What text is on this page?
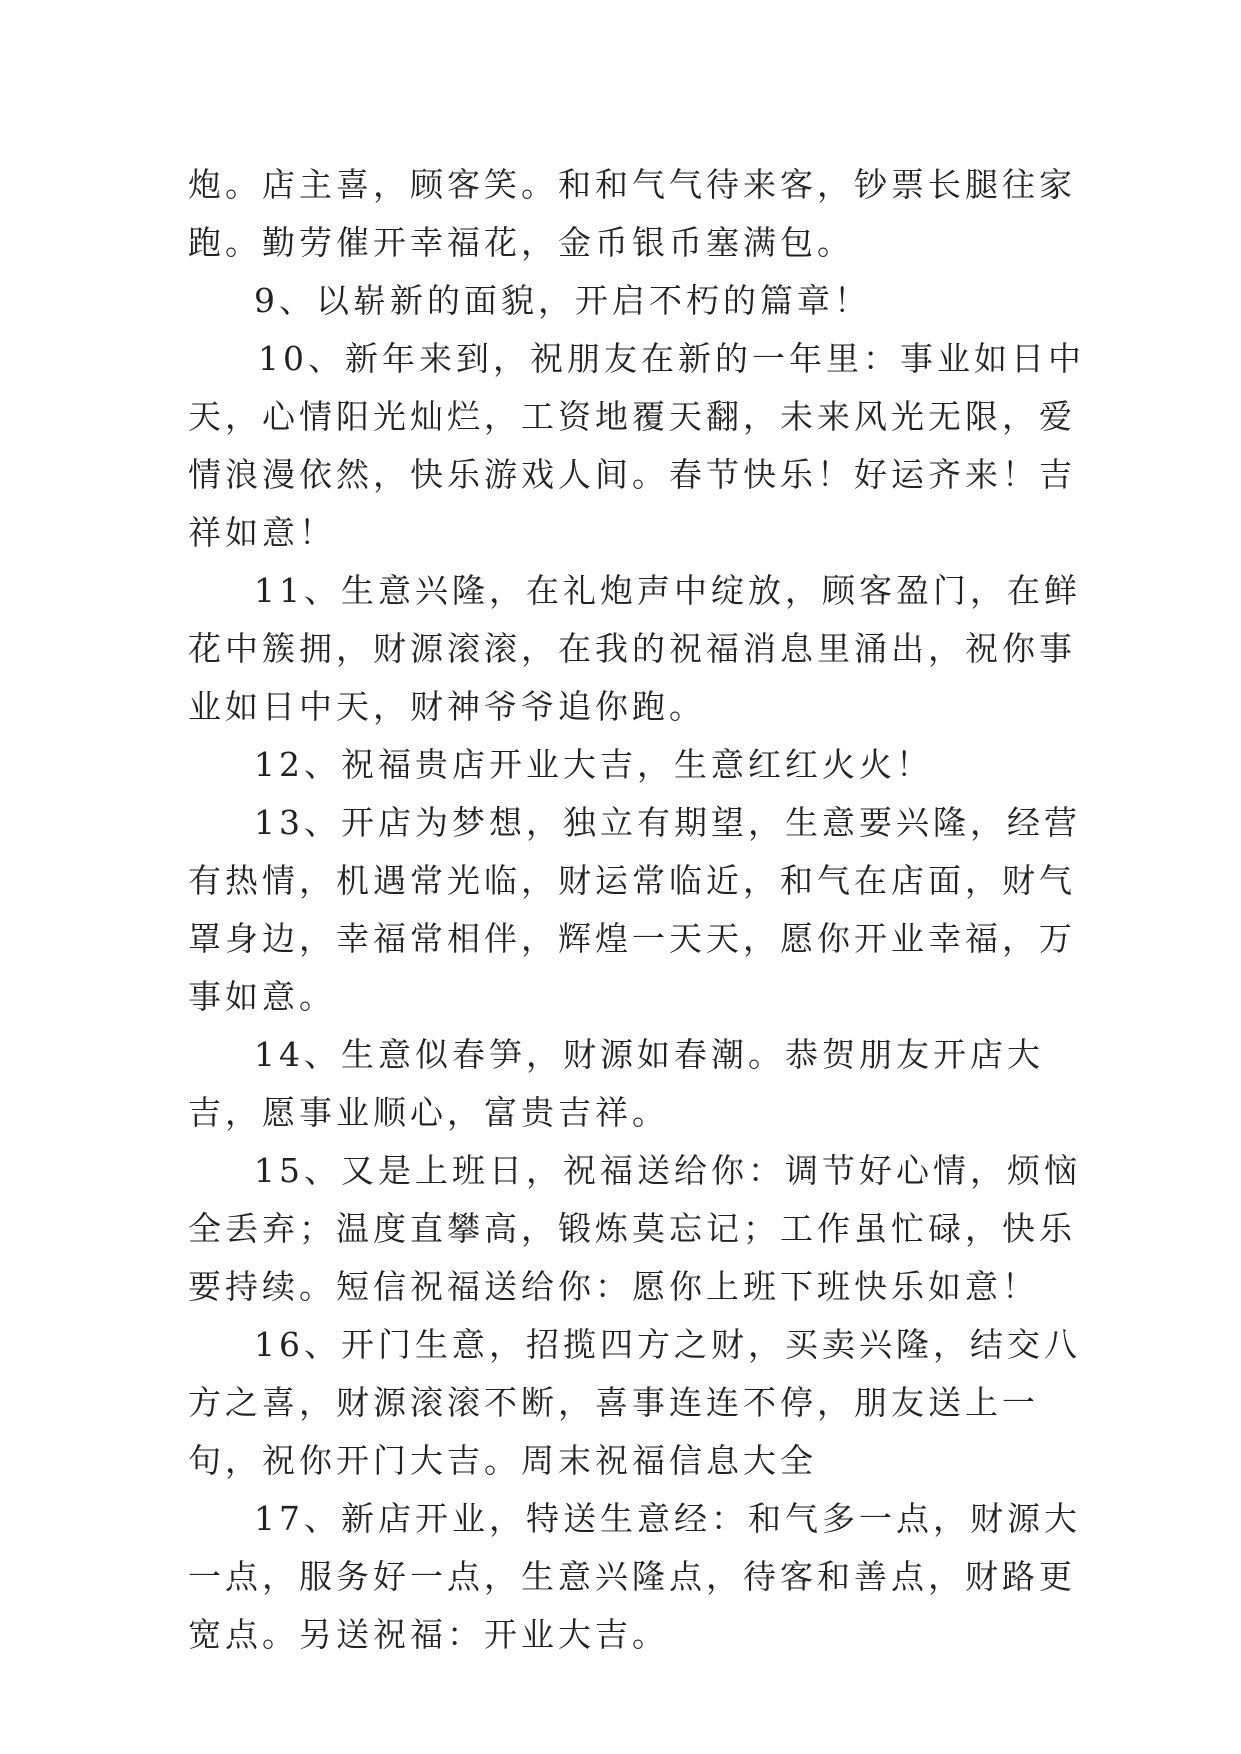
炮。店主喜，顾客笑。和和气气待来客，钞票长腿往家跑。勤劳催开幸福花，金币银币塞满包。

9、以崭新的面貌，开启不朽的篇章！

10、新年来到，祝朋友在新的一年里：事业如日中天，心情阳光灿烂，工资地覆天翻，未来风光无限，爱情浪漫依然，快乐游戏人间。春节快乐！好运齐来！吉祥如意！

11、生意兴隆，在礼炮声中绽放，顾客盈门，在鲜花中簇拥，财源滚滚，在我的祝福消息里涌出，祝你事业如日中天，财神爷爷追你跑。

12、祝福贵店开业大吉，生意红红火火！

13、开店为梦想，独立有期望，生意要兴隆，经营有热情，机遇常光临，财运常临近，和气在店面，财气罩身边，幸福常相伴，辉煌一天天，愿你开业幸福，万事如意。

14、生意似春笋，财源如春潮。恭贺朋友开店大吉，愿事业顺心，富贵吉祥。

15、又是上班日，祝福送给你：调节好心情，烦恼全丢弃；温度直攀高，锻炼莫忘记；工作虽忙碌，快乐要持续。短信祝福送给你：愿你上班下班快乐如意！

16、开门生意，招揽四方之财，买卖兴隆，结交八方之喜，财源滚滚不断，喜事连连不停，朋友送上一句，祝你开门大吉。周末祝福信息大全

17、新店开业，特送生意经：和气多一点，财源大一点，服务好一点，生意兴隆点，待客和善点，财路更宽点。另送祝福：开业大吉。
